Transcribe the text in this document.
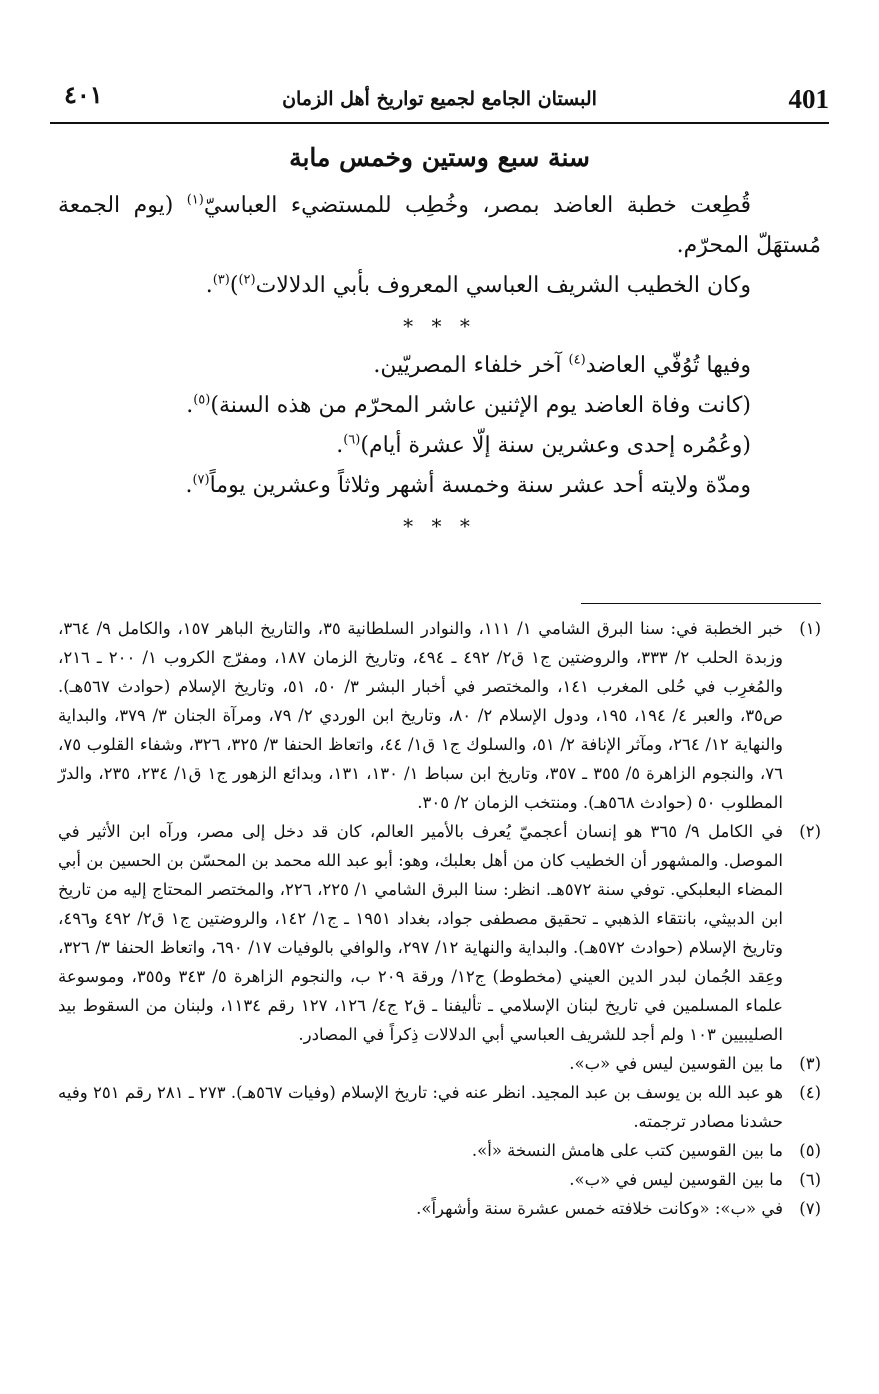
401
البستان الجامع لجميع تواريخ أهل الزمان
٤٠١
سنة سبع وستين وخمس مابة

قُطِعت خطبة العاضد بمصر، وخُطِب للمستضيء العباسيّ$^{(١)}$ (يوم الجمعة مُستهَلّ المحرّم.

وكان الخطيب الشريف العباسي المعروف بأبي الدلالات$^{(٢)}$)$^{(٣)}$.

* * *

وفيها تُوُفّي العاضد$^{(٤)}$ آخر خلفاء المصريّين.

(كانت وفاة العاضد يوم الإثنين عاشر المحرّم من هذه السنة)$^{(٥)}$.

(وعُمُره إحدى وعشرين سنة إلّا عشرة أيام)$^{(٦)}$.

ومدّة ولايته أحد عشر سنة وخمسة أشهر وثلاثاً وعشرين يوماً$^{(٧)}$.

* * *

(١)
خبر الخطبة في: سنا البرق الشامي ١/ ١١١، والنوادر السلطانية ٣٥، والتاريخ الباهر ١٥٧، والكامل ٩/ ٣٦٤، وزبدة الحلب ٢/ ٣٣٣، والروضتين ج١ ق٢/ ٤٩٢ ـ ٤٩٤، وتاريخ الزمان ١٨٧، ومفرّج الكروب ١/ ٢٠٠ ـ ٢١٦، والمُغرِب في حُلى المغرب ١٤١، والمختصر في أخبار البشر ٣/ ٥٠، ٥١، وتاريخ الإسلام (حوادث ٥٦٧هـ). ص٣٥، والعبر ٤/ ١٩٤، ١٩٥، ودول الإسلام ٢/ ٨٠، وتاريخ ابن الوردي ٢/ ٧٩، ومرآة الجنان ٣/ ٣٧٩، والبداية والنهاية ١٢/ ٢٦٤، ومآثر الإنافة ٢/ ٥١، والسلوك ج١ ق١/ ٤٤، واتعاظ الحنفا ٣/ ٣٢٥، ٣٢٦، وشفاء القلوب ٧٥، ٧٦، والنجوم الزاهرة ٥/ ٣٥٥ ـ ٣٥٧، وتاريخ ابن سباط ١/ ١٣٠، ١٣١، وبدائع الزهور ج١ ق١/ ٢٣٤، ٢٣٥، والدرّ المطلوب ٥٠ (حوادث ٥٦٨هـ). ومنتخب الزمان ٢/ ٣٠٥.
(٢)
في الكامل ٩/ ٣٦٥ هو إنسان أعجميّ يُعرف بالأمير العالم، كان قد دخل إلى مصر، ورآه ابن الأثير في الموصل. والمشهور أن الخطيب كان من أهل بعلبك، وهو: أبو عبد الله محمد بن المحسّن بن الحسين بن أبي المضاء البعلبكي. توفي سنة ٥٧٢هـ. انظر: سنا البرق الشامي ١/ ٢٢٥، ٢٢٦، والمختصر المحتاج إليه من تاريخ ابن الدبيثي، بانتقاء الذهبي ـ تحقيق مصطفى جواد، بغداد ١٩٥١ ـ ج١/ ١٤٢، والروضتين ج١ ق٢/ ٤٩٢ و٤٩٦، وتاريخ الإسلام (حوادث ٥٧٢هـ). والبداية والنهاية ١٢/ ٢٩٧، والوافي بالوفيات ١٧/ ٦٩٠، واتعاظ الحنفا ٣/ ٣٢٦، وعِقد الجُمان لبدر الدين العيني (مخطوط) ج١٢/ ورقة ٢٠٩ ب، والنجوم الزاهرة ٥/ ٣٤٣ و٣٥٥، وموسوعة علماء المسلمين في تاريخ لبنان الإسلامي ـ تأليفنا ـ ق٢ ج٤/ ١٢٦، ١٢٧ رقم ١١٣٤، ولبنان من السقوط بيد الصليبيين ١٠٣ ولم أجد للشريف العباسي أبي الدلالات ذِكراً في المصادر.
(٣)
ما بين القوسين ليس في «ب».
(٤)
هو عبد الله بن يوسف بن عبد المجيد. انظر عنه في: تاريخ الإسلام (وفيات ٥٦٧هـ). ٢٧٣ ـ ٢٨١ رقم ٢٥١ وفيه حشدنا مصادر ترجمته.
(٥)
ما بين القوسين كتب على هامش النسخة «أ».
(٦)
ما بين القوسين ليس في «ب».
(٧)
في «ب»: «وكانت خلافته خمس عشرة سنة وأشهراً».
